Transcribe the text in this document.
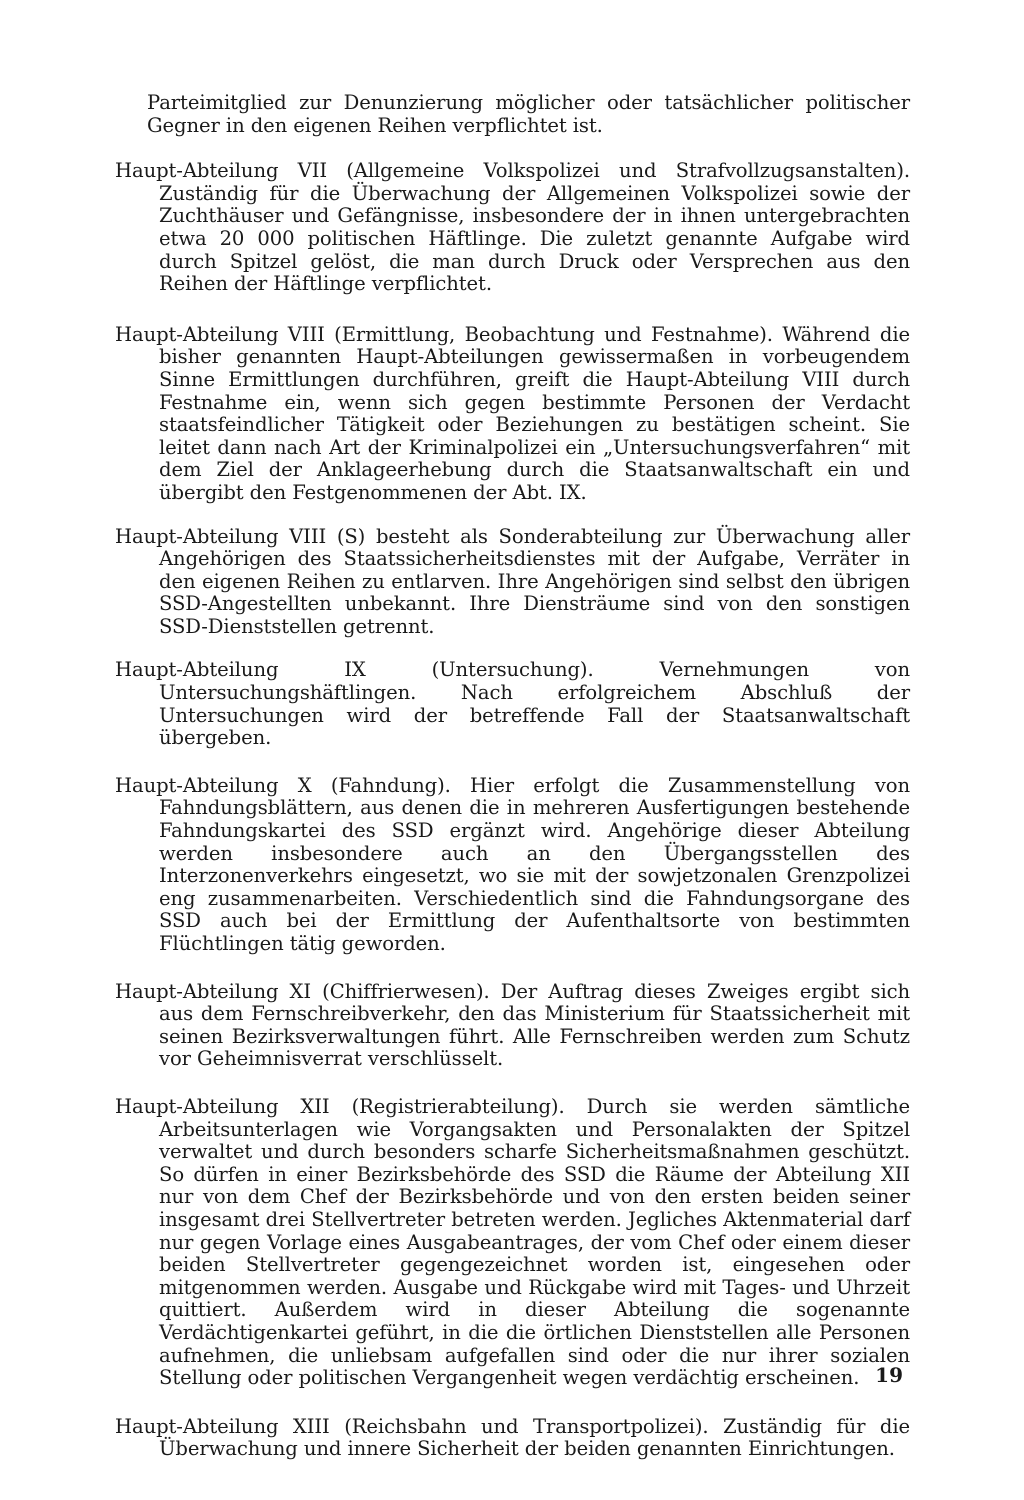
Parteimitglied zur Denunzierung möglicher oder tatsächlicher politischer Gegner in den eigenen Reihen verpflichtet ist.

Haupt-Abteilung VII (Allgemeine Volkspolizei und Strafvollzugsanstalten). Zuständig für die Überwachung der Allgemeinen Volkspolizei sowie der Zuchthäuser und Gefängnisse, insbesondere der in ihnen untergebrachten etwa 20 000 politischen Häftlinge. Die zuletzt genannte Aufgabe wird durch Spitzel gelöst, die man durch Druck oder Versprechen aus den Reihen der Häftlinge verpflichtet.

Haupt-Abteilung VIII (Ermittlung, Beobachtung und Festnahme). Während die bisher genannten Haupt-Abteilungen gewissermaßen in vorbeugendem Sinne Ermittlungen durchführen, greift die Haupt-Abteilung VIII durch Festnahme ein, wenn sich gegen bestimmte Personen der Verdacht staatsfeindlicher Tätigkeit oder Beziehungen zu bestätigen scheint. Sie leitet dann nach Art der Kriminalpolizei ein „Untersuchungsverfahren“ mit dem Ziel der Anklageerhebung durch die Staatsanwaltschaft ein und übergibt den Festgenommenen der Abt. IX.

Haupt-Abteilung VIII (S) besteht als Sonderabteilung zur Überwachung aller Angehörigen des Staatssicherheitsdienstes mit der Aufgabe, Verräter in den eigenen Reihen zu entlarven. Ihre Angehörigen sind selbst den übrigen SSD-Angestellten unbekannt. Ihre Diensträume sind von den sonstigen SSD-Dienststellen getrennt.

Haupt-Abteilung IX (Untersuchung). Vernehmungen von Untersuchungshäftlingen. Nach erfolgreichem Abschluß der Untersuchungen wird der betreffende Fall der Staatsanwaltschaft übergeben.

Haupt-Abteilung X (Fahndung). Hier erfolgt die Zusammenstellung von Fahndungsblättern, aus denen die in mehreren Ausfertigungen bestehende Fahndungskartei des SSD ergänzt wird. Angehörige dieser Abteilung werden insbesondere auch an den Übergangsstellen des Interzonenverkehrs eingesetzt, wo sie mit der sowjetzonalen Grenzpolizei eng zusammenarbeiten. Verschiedentlich sind die Fahndungsorgane des SSD auch bei der Ermittlung der Aufenthaltsorte von bestimmten Flüchtlingen tätig geworden.

Haupt-Abteilung XI (Chiffrierwesen). Der Auftrag dieses Zweiges ergibt sich aus dem Fernschreibverkehr, den das Ministerium für Staatssicherheit mit seinen Bezirksverwaltungen führt. Alle Fernschreiben werden zum Schutz vor Geheimnisverrat verschlüsselt.

Haupt-Abteilung XII (Registrierabteilung). Durch sie werden sämtliche Arbeitsunterlagen wie Vorgangsakten und Personalakten der Spitzel verwaltet und durch besonders scharfe Sicherheitsmaßnahmen geschützt. So dürfen in einer Bezirksbehörde des SSD die Räume der Abteilung XII nur von dem Chef der Bezirksbehörde und von den ersten beiden seiner insgesamt drei Stellvertreter betreten werden. Jegliches Aktenmaterial darf nur gegen Vorlage eines Ausgabeantrages, der vom Chef oder einem dieser beiden Stellvertreter gegengezeichnet worden ist, eingesehen oder mitgenommen werden. Ausgabe und Rückgabe wird mit Tages- und Uhrzeit quittiert. Außerdem wird in dieser Abteilung die sogenannte Verdächtigenkartei geführt, in die die örtlichen Dienststellen alle Personen aufnehmen, die unliebsam aufgefallen sind oder die nur ihrer sozialen Stellung oder politischen Vergangenheit wegen verdächtig erscheinen.

Haupt-Abteilung XIII (Reichsbahn und Transportpolizei). Zuständig für die Überwachung und innere Sicherheit der beiden genannten Einrichtungen.

19
